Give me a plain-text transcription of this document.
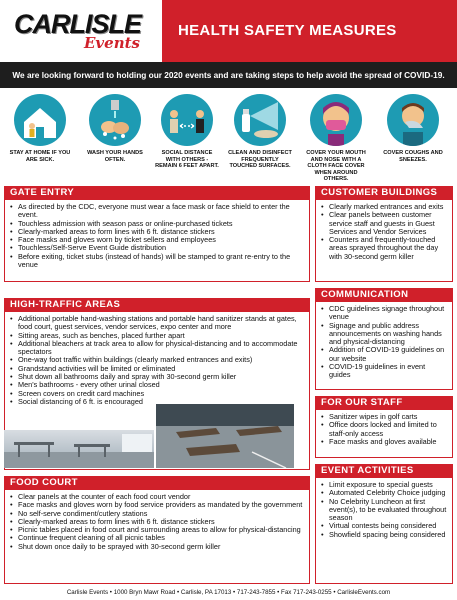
CARLISLE
Events
HEALTH SAFETY MEASURES
We are looking forward to holding our 2020 events and are taking steps to help avoid the spread of COVID-19.
STAY AT HOME IF YOU ARE SICK.
WASH YOUR HANDS OFTEN.
SOCIAL DISTANCE WITH OTHERS - REMAIN 6 FEET APART.
CLEAN AND DISINFECT FREQUENTLY TOUCHED SURFACES.
COVER YOUR MOUTH AND NOSE WITH A CLOTH FACE COVER WHEN AROUND OTHERS.
COVER COUGHS AND SNEEZES.
GATE ENTRY
• As directed by the CDC, everyone must wear a face mask or face shield to enter the event.
• Touchless admission with season pass or online-purchased tickets
• Clearly-marked areas to form lines with 6 ft. distance stickers
• Face masks and gloves worn by ticket sellers and employees
• Touchless/Self-Serve Event Guide distribution
• Before exiting, ticket stubs (instead of hands) will be stamped to grant re-entry to the venue
HIGH-TRAFFIC AREAS
• Additional portable hand-washing stations and portable hand sanitizer stands at gates, food court, guest services, vendor services, expo center and more
• Sitting areas, such as benches, placed further apart
• Additional bleachers at track area to allow for physical-distancing and to accommodate spectators
• One-way foot traffic within buildings (clearly marked entrances and exits)
• Grandstand activities will be limited or eliminated
• Shut down all bathrooms daily and spray with 30-second germ killer
• Men's bathrooms - every other urinal closed
• Screen covers on credit card machines
• Social distancing of 6 ft. is encouraged
FOOD COURT
• Clear panels at the counter of each food court vendor
• Face masks and gloves worn by food service providers as mandated by the government
• No self-serve condiment/cutlery stations
• Clearly-marked areas to form lines with 6 ft. distance stickers
• Picnic tables placed in food court and surrounding areas to allow for physical-distancing
• Continue frequent cleaning of all picnic tables
• Shut down once daily to be sprayed with 30-second germ killer
CUSTOMER BUILDINGS
• Clearly marked entrances and exits
• Clear panels between customer service staff and guests in Guest Services and Vendor Services
• Counters and frequently-touched areas sprayed throughout the day with 30-second germ killer
COMMUNICATION
• CDC guidelines signage throughout venue
• Signage and public address announcements on washing hands and physical-distancing
• Addition of COVID-19 guidelines on our website
• COVID-19 guidelines in event guides
FOR OUR STAFF
• Sanitizer wipes in golf carts
• Office doors locked and limited to staff-only access
• Face masks and gloves available
EVENT ACTIVITIES
• Limit exposure to special guests
• Automated Celebrity Choice judging
• No Celebrity Luncheon at first event(s), to be evaluated throughout season
• Virtual contests being considered
• Showfield spacing being considered
Carlisle Events • 1000 Bryn Mawr Road • Carlisle, PA 17013 • 717-243-7855 • Fax 717-243-0255 • CarlisleEvents.com
